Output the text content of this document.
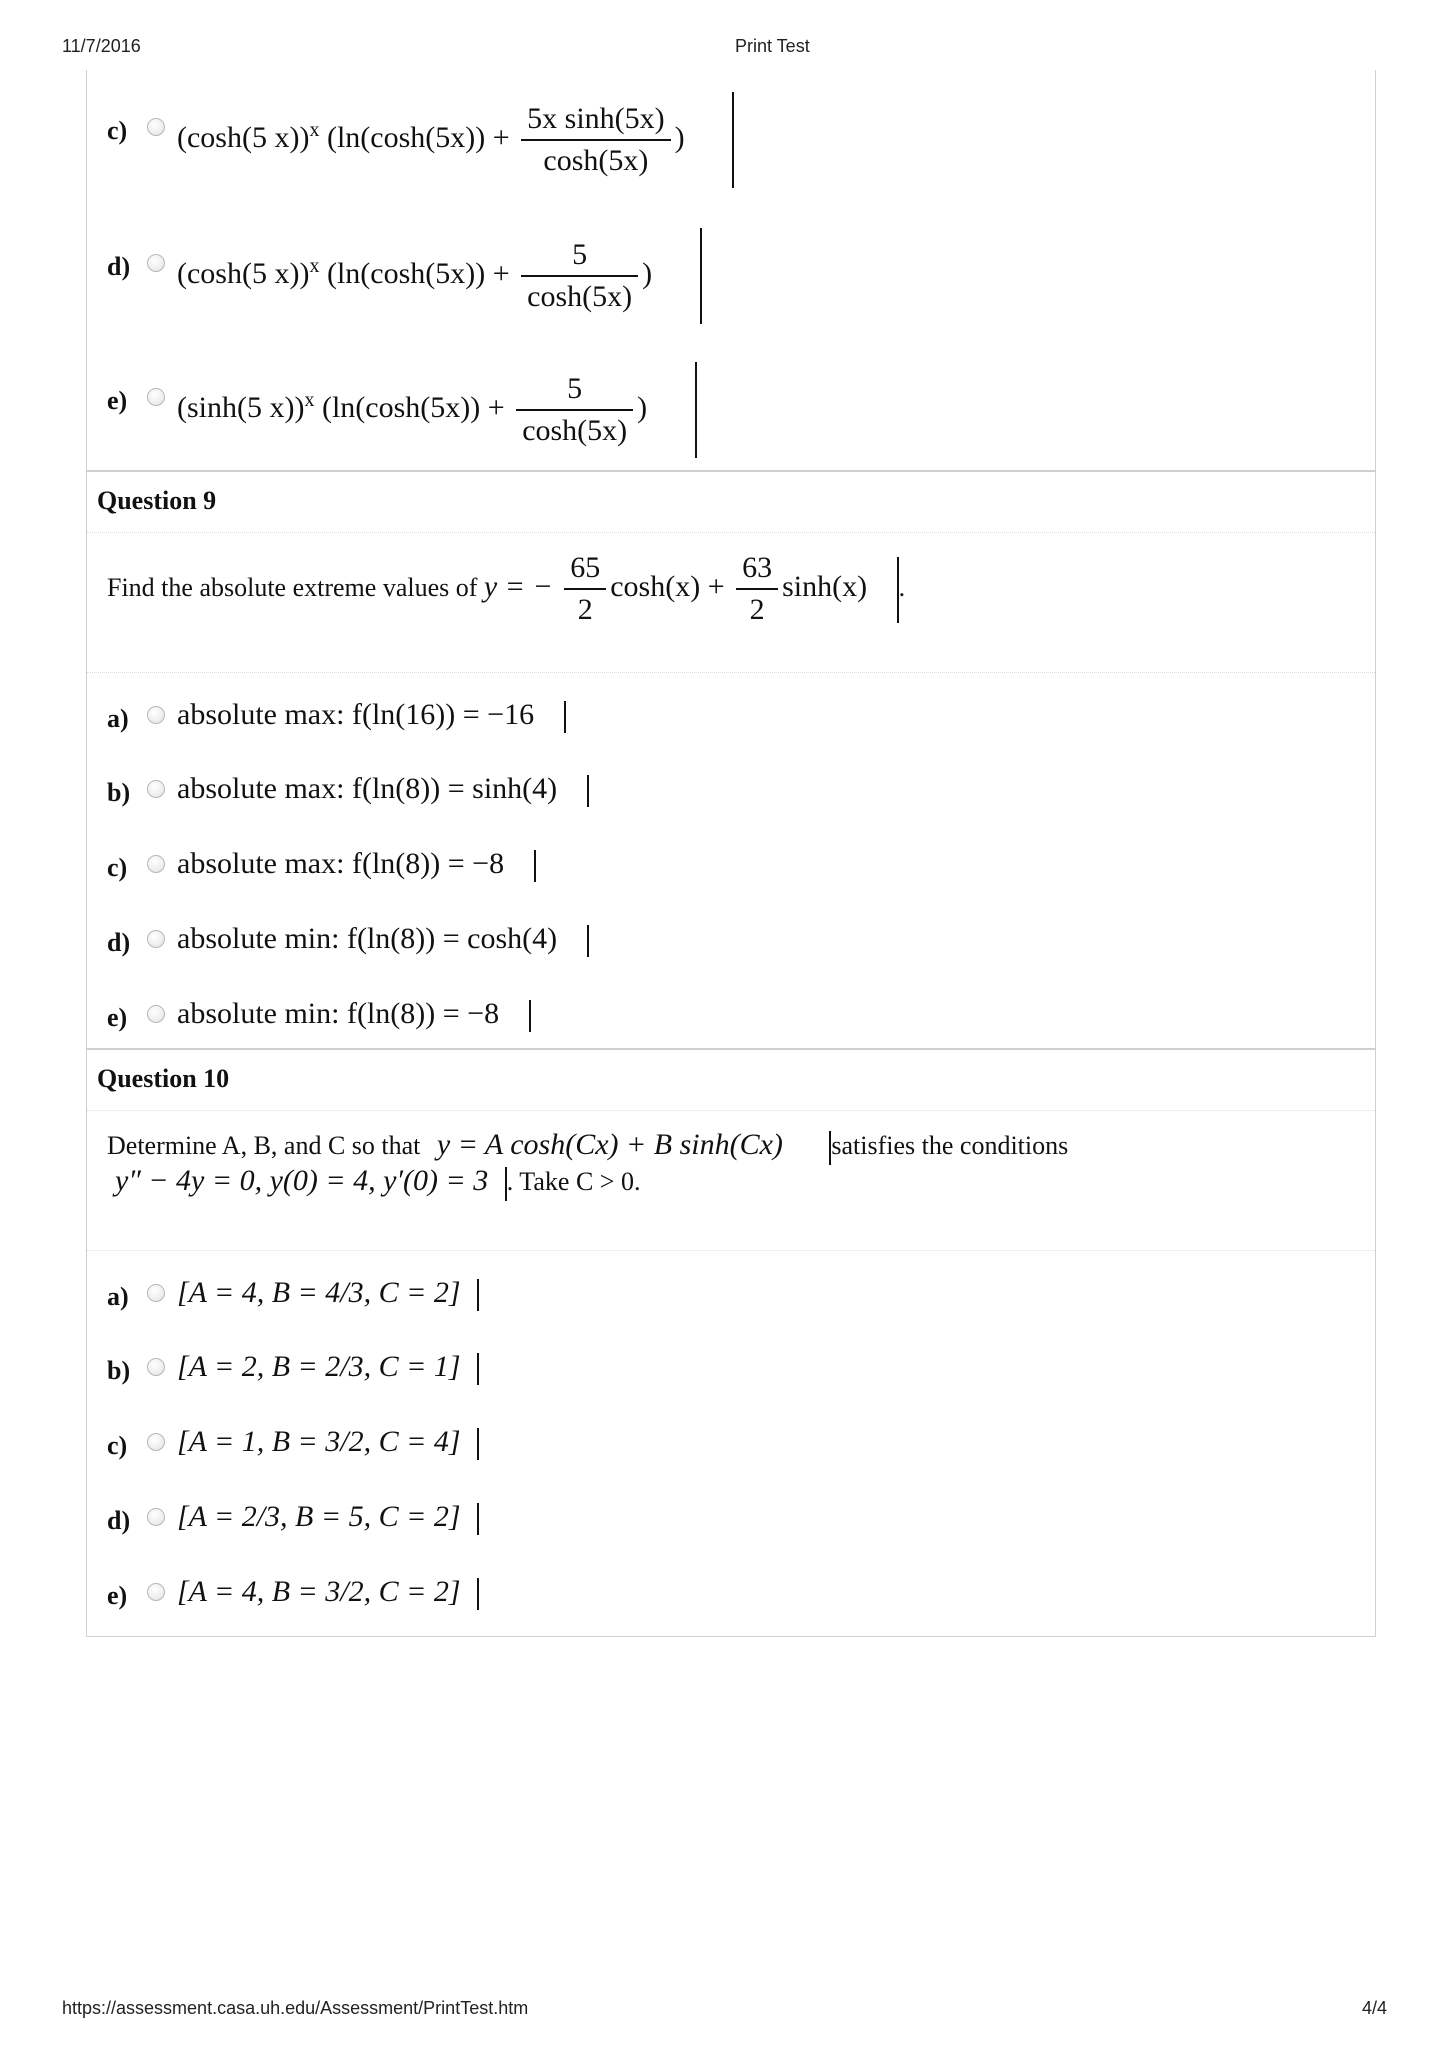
11/7/2016	Print Test
c) (cosh(5 x))$^x$ ($\ln(\cosh(5x)) + \frac{\text{5x sinh(5x)}}{\cosh(5x)}$ )
d) (cosh(5 x))$^x$ ($\ln(\cosh(5x)) + \frac{5}{\cosh(5x)}$ )
e) (sinh(5 x))$^x$ ($\ln(\cosh(5x)) + \frac{5}{\cosh(5x)}$ )
Question 9
Find the absolute extreme values of y = − $\frac{65}{2} \cosh(x) + \frac{63}{2} \sinh(x)$ .
a) absolute max: f(ln(16)) = −16
b) absolute max: f(ln(8)) = sinh(4)
c) absolute max: f(ln(8)) = −8
d) absolute min: f(ln(8)) = cosh(4)
e) absolute min: f(ln(8)) = −8
Question 10
Determine A, B, and C so that y = A cosh(Cx) + B sinh(Cx) satisfies the conditions
y″ − 4y = 0, y(0) = 4, y′(0) = 3 . Take C > 0.
a) [A = 4, B = 4/3, C = 2]
b) [A = 2, B = 2/3, C = 1]
c) [A = 1, B = 3/2, C = 4]
d) [A = 2/3, B = 5, C = 2]
e) [A = 4, B = 3/2, C = 2]
https://assessment.casa.uh.edu/Assessment/PrintTest.htm	4/4
